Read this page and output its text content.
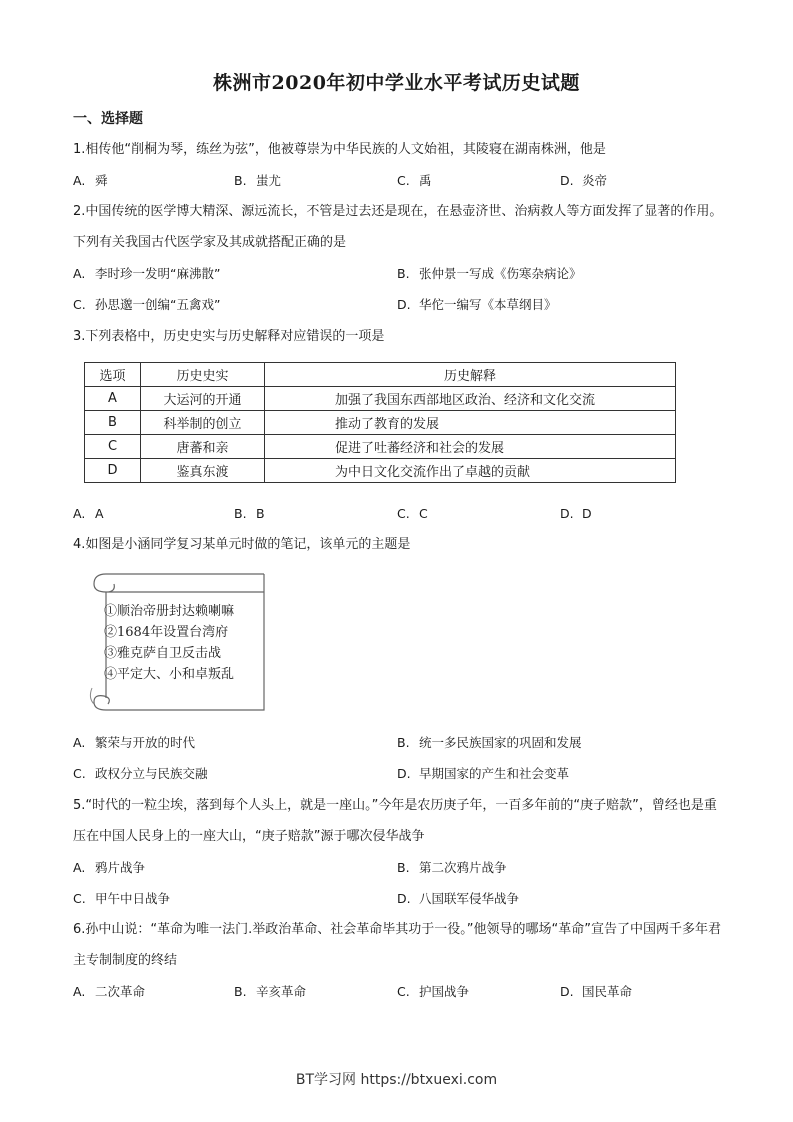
株洲市2020年初中学业水平考试历史试题
一、选择题

1.相传他“削桐为琴，练丝为弦”，他被尊崇为中华民族的人文始祖，其陵寝在湖南株洲，他是

A. 舜	B. 蚩尤	C. 禹	D. 炎帝

2.中国传统的医学博大精深、源远流长，不管是过去还是现在，在悬壶济世、治病救人等方面发挥了显著的作用。下列有关我国古代医学家及其成就搭配正确的是

A. 李时珍一发明“麻沸散”	B. 张仲景一写成《伤寒杂病论》
C. 孙思邈一创编“五禽戏”	D. 华佗一编写《本草纲目》

3.下列表格中，历史史实与历史解释对应错误的一项是

选项	历史史实	历史解释
A	大运河的开通	加强了我国东西部地区政治、经济和文化交流
B	科举制的创立	推动了教育的发展
C	唐蕃和亲	促进了吐蕃经济和社会的发展
D	鉴真东渡	为中日文化交流作出了卓越的贡献
A. A	B. B	C. C	D. D

4.如图是小涵同学复习某单元时做的笔记，该单元的主题是

①顺治帝册封达赖喇嘛
②1684年设置台湾府
③雅克萨自卫反击战
④平定大、小和卓叛乱
A. 繁荣与开放的时代	B. 统一多民族国家的巩固和发展
C. 政权分立与民族交融	D. 早期国家的产生和社会变革

5.“时代的一粒尘埃，落到每个人头上，就是一座山。”今年是农历庚子年，一百多年前的“庚子赔款”，曾经也是重压在中国人民身上的一座大山，“庚子赔款”源于哪次侵华战争

A. 鸦片战争	B. 第二次鸦片战争
C. 甲午中日战争	D. 八国联军侵华战争

6.孙中山说：“革命为唯一法门.举政治革命、社会革命毕其功于一役。”他领导的哪场“革命”宣告了中国两千多年君主专制制度的终结

A. 二次革命	B. 辛亥革命	C. 护国战争	D. 国民革命
BT学习网 https://btxuexi.com
